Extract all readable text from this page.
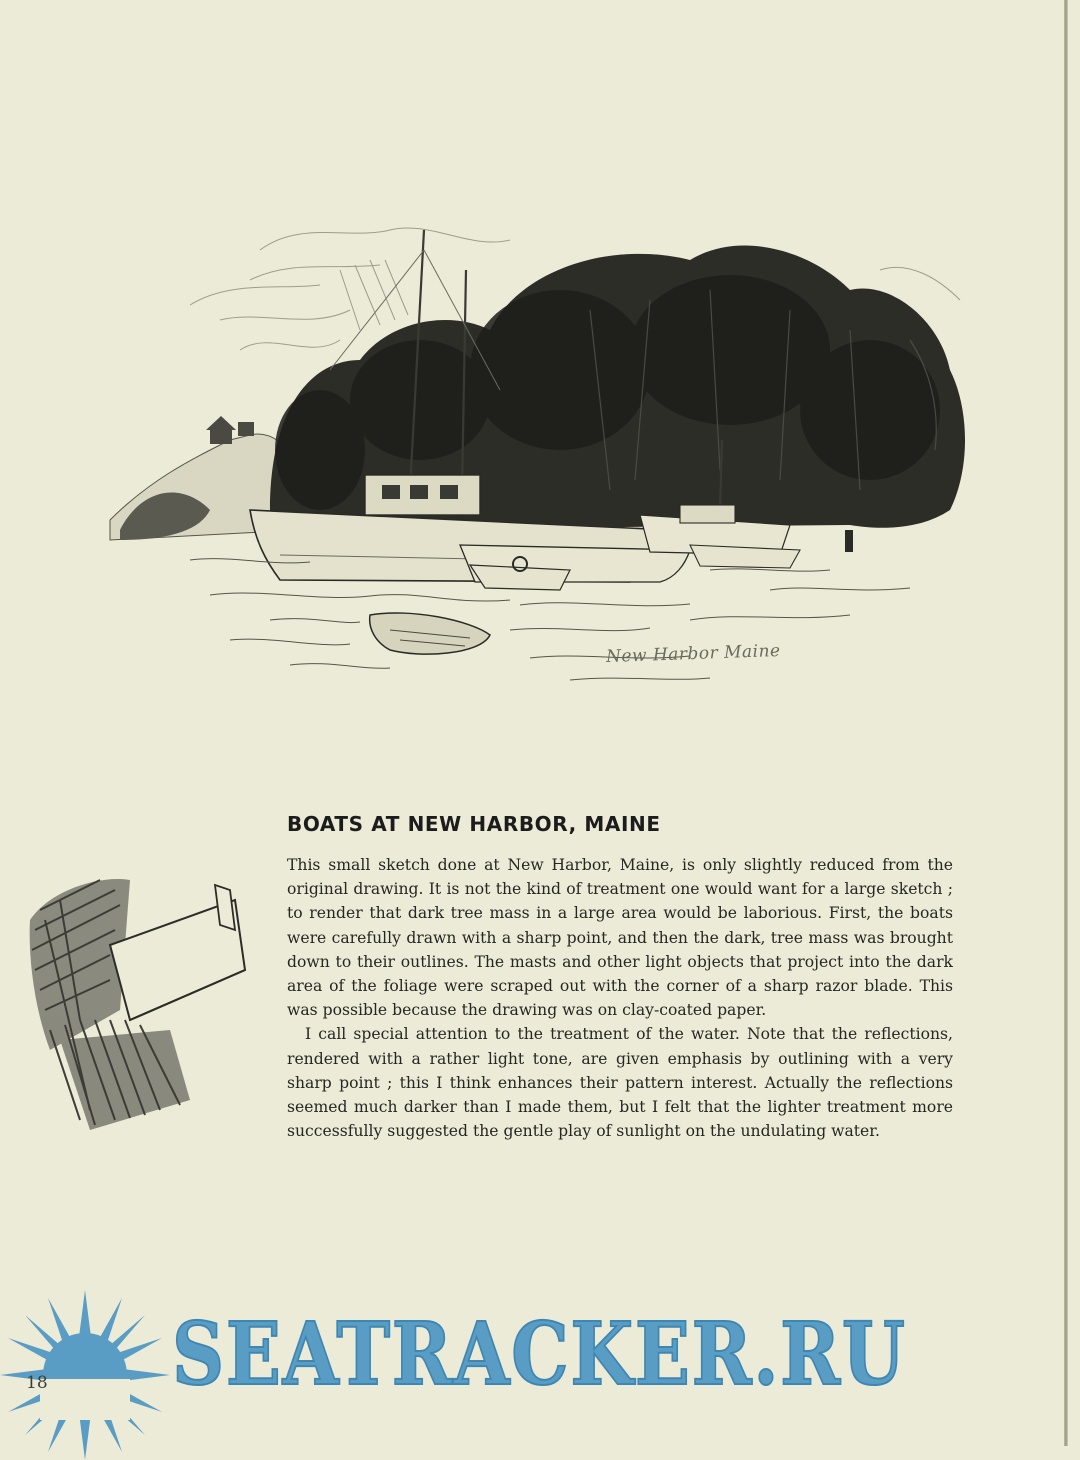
New Harbor Maine
BOATS AT NEW HARBOR, MAINE

This small sketch done at New Harbor, Maine, is only slightly reduced from the original drawing. It is not the kind of treatment one would want for a large sketch ; to render that dark tree mass in a large area would be laborious. First, the boats were carefully drawn with a sharp point, and then the dark, tree mass was brought down to their outlines. The masts and other light objects that project into the dark area of the foliage were scraped out with the corner of a sharp razor blade. This was possible because the drawing was on clay-coated paper.

I call special attention to the treatment of the water. Note that the reflections, rendered with a rather light tone, are given emphasis by outlining with a very sharp point ; this I think enhances their pattern interest. Actually the reflections seemed much darker than I made them, but I felt that the lighter treatment more successfully suggested the gentle play of sunlight on the undulating water.

SEATRACKER.RU
18
